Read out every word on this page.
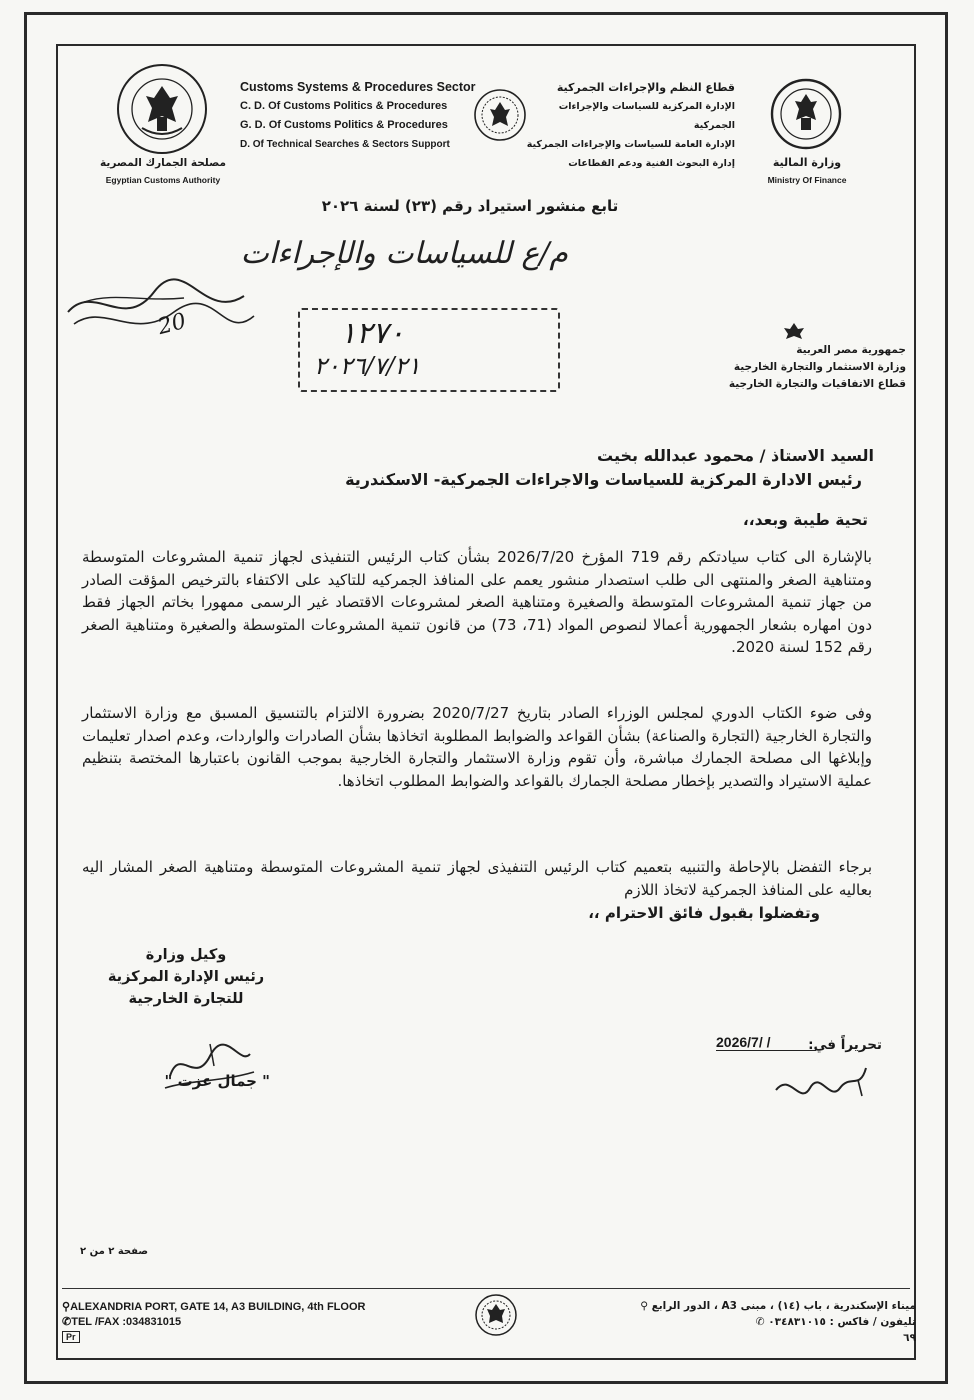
مصلحة الجمارك المصرية
Egyptian Customs Authority
Customs Systems & Procedures Sector
C. D. Of Customs Politics & Procedures
G. D. Of Customs Politics & Procedures
D. Of Technical Searches & Sectors Support
قطاع النظم والإجراءات الجمركية
الإدارة المركزية للسياسات والإجراءات الجمركية
الإدارة العامة للسياسات والإجراءات الجمركية
إدارة البحوث الفنية ودعم القطاعات	وزارة المالية
Ministry Of Finance
تابع منشور استيراد رقم (٢٣) لسنة ٢٠٢٦
م/ع للسياسات والإجراءات
20	١٢٧٠
٢٠٢٦/٧/٢١
جمهورية مصر العربية
وزارة الاستثمار والتجارة الخارجية
قطاع الاتفاقيات والتجارة الخارجية
السيد الاستاذ / محمود عبدالله بخيت
رئيس الادارة المركزية للسياسات والاجراءات الجمركية- الاسكندرية
تحية طيبة وبعد،،
بالإشارة الى كتاب سيادتكم رقم 719 المؤرخ 2026/7/20 بشأن كتاب الرئيس التنفيذى لجهاز تنمية المشروعات المتوسطة ومتناهية الصغر والمنتهى الى طلب استصدار منشور يعمم على المنافذ الجمركيه للتاكيد على الاكتفاء بالترخيص المؤقت الصادر من جهاز تنمية المشروعات المتوسطة والصغيرة ومتناهية الصغر لمشروعات الاقتصاد غير الرسمى ممهورا بخاتم الجهاز فقط دون امهاره بشعار الجمهورية أعمالا لنصوص المواد (71، 73) من قانون تنمية المشروعات المتوسطة والصغيرة ومتناهية الصغر رقم 152 لسنة 2020.
وفى ضوء الكتاب الدوري لمجلس الوزراء الصادر بتاريخ 2020/7/27 بضرورة الالتزام بالتنسيق المسبق مع وزارة الاستثمار والتجارة الخارجية (التجارة والصناعة) بشأن القواعد والضوابط المطلوبة اتخاذها بشأن الصادرات والواردات، وعدم اصدار تعليمات وإبلاغها الى مصلحة الجمارك مباشرة، وأن تقوم وزارة الاستثمار والتجارة الخارجية بموجب القانون باعتبارها المختصة بتنظيم عملية الاستيراد والتصدير بإخطار مصلحة الجمارك بالقواعد والضوابط المطلوب اتخاذها.
برجاء التفضل بالإحاطة والتنبيه بتعميم كتاب الرئيس التنفيذى لجهاز تنمية المشروعات المتوسطة ومتناهية الصغر المشار اليه بعاليه على المنافذ الجمركية لاتخاذ اللازم
وتفضلوا بقبول فائق الاحترام ،،
وكيل وزارة
رئيس الإدارة المركزية
للتجارة الخارجية
" جمال عزت "
تحريراً في:
2026/7/ /
صفحة ٢ من ٢
⚲ALEXANDRIA PORT, GATE 14, A3 BUILDING, 4th FLOOR
✆TEL /FAX :034831015
Pr
ميناء الإسكندرية ، باب (١٤) ، مبنى A3 ، الدور الرابع ⚲
تليفون / فاكس : ٠٣٤٨٣١٠١٥ ✆
٦٩
